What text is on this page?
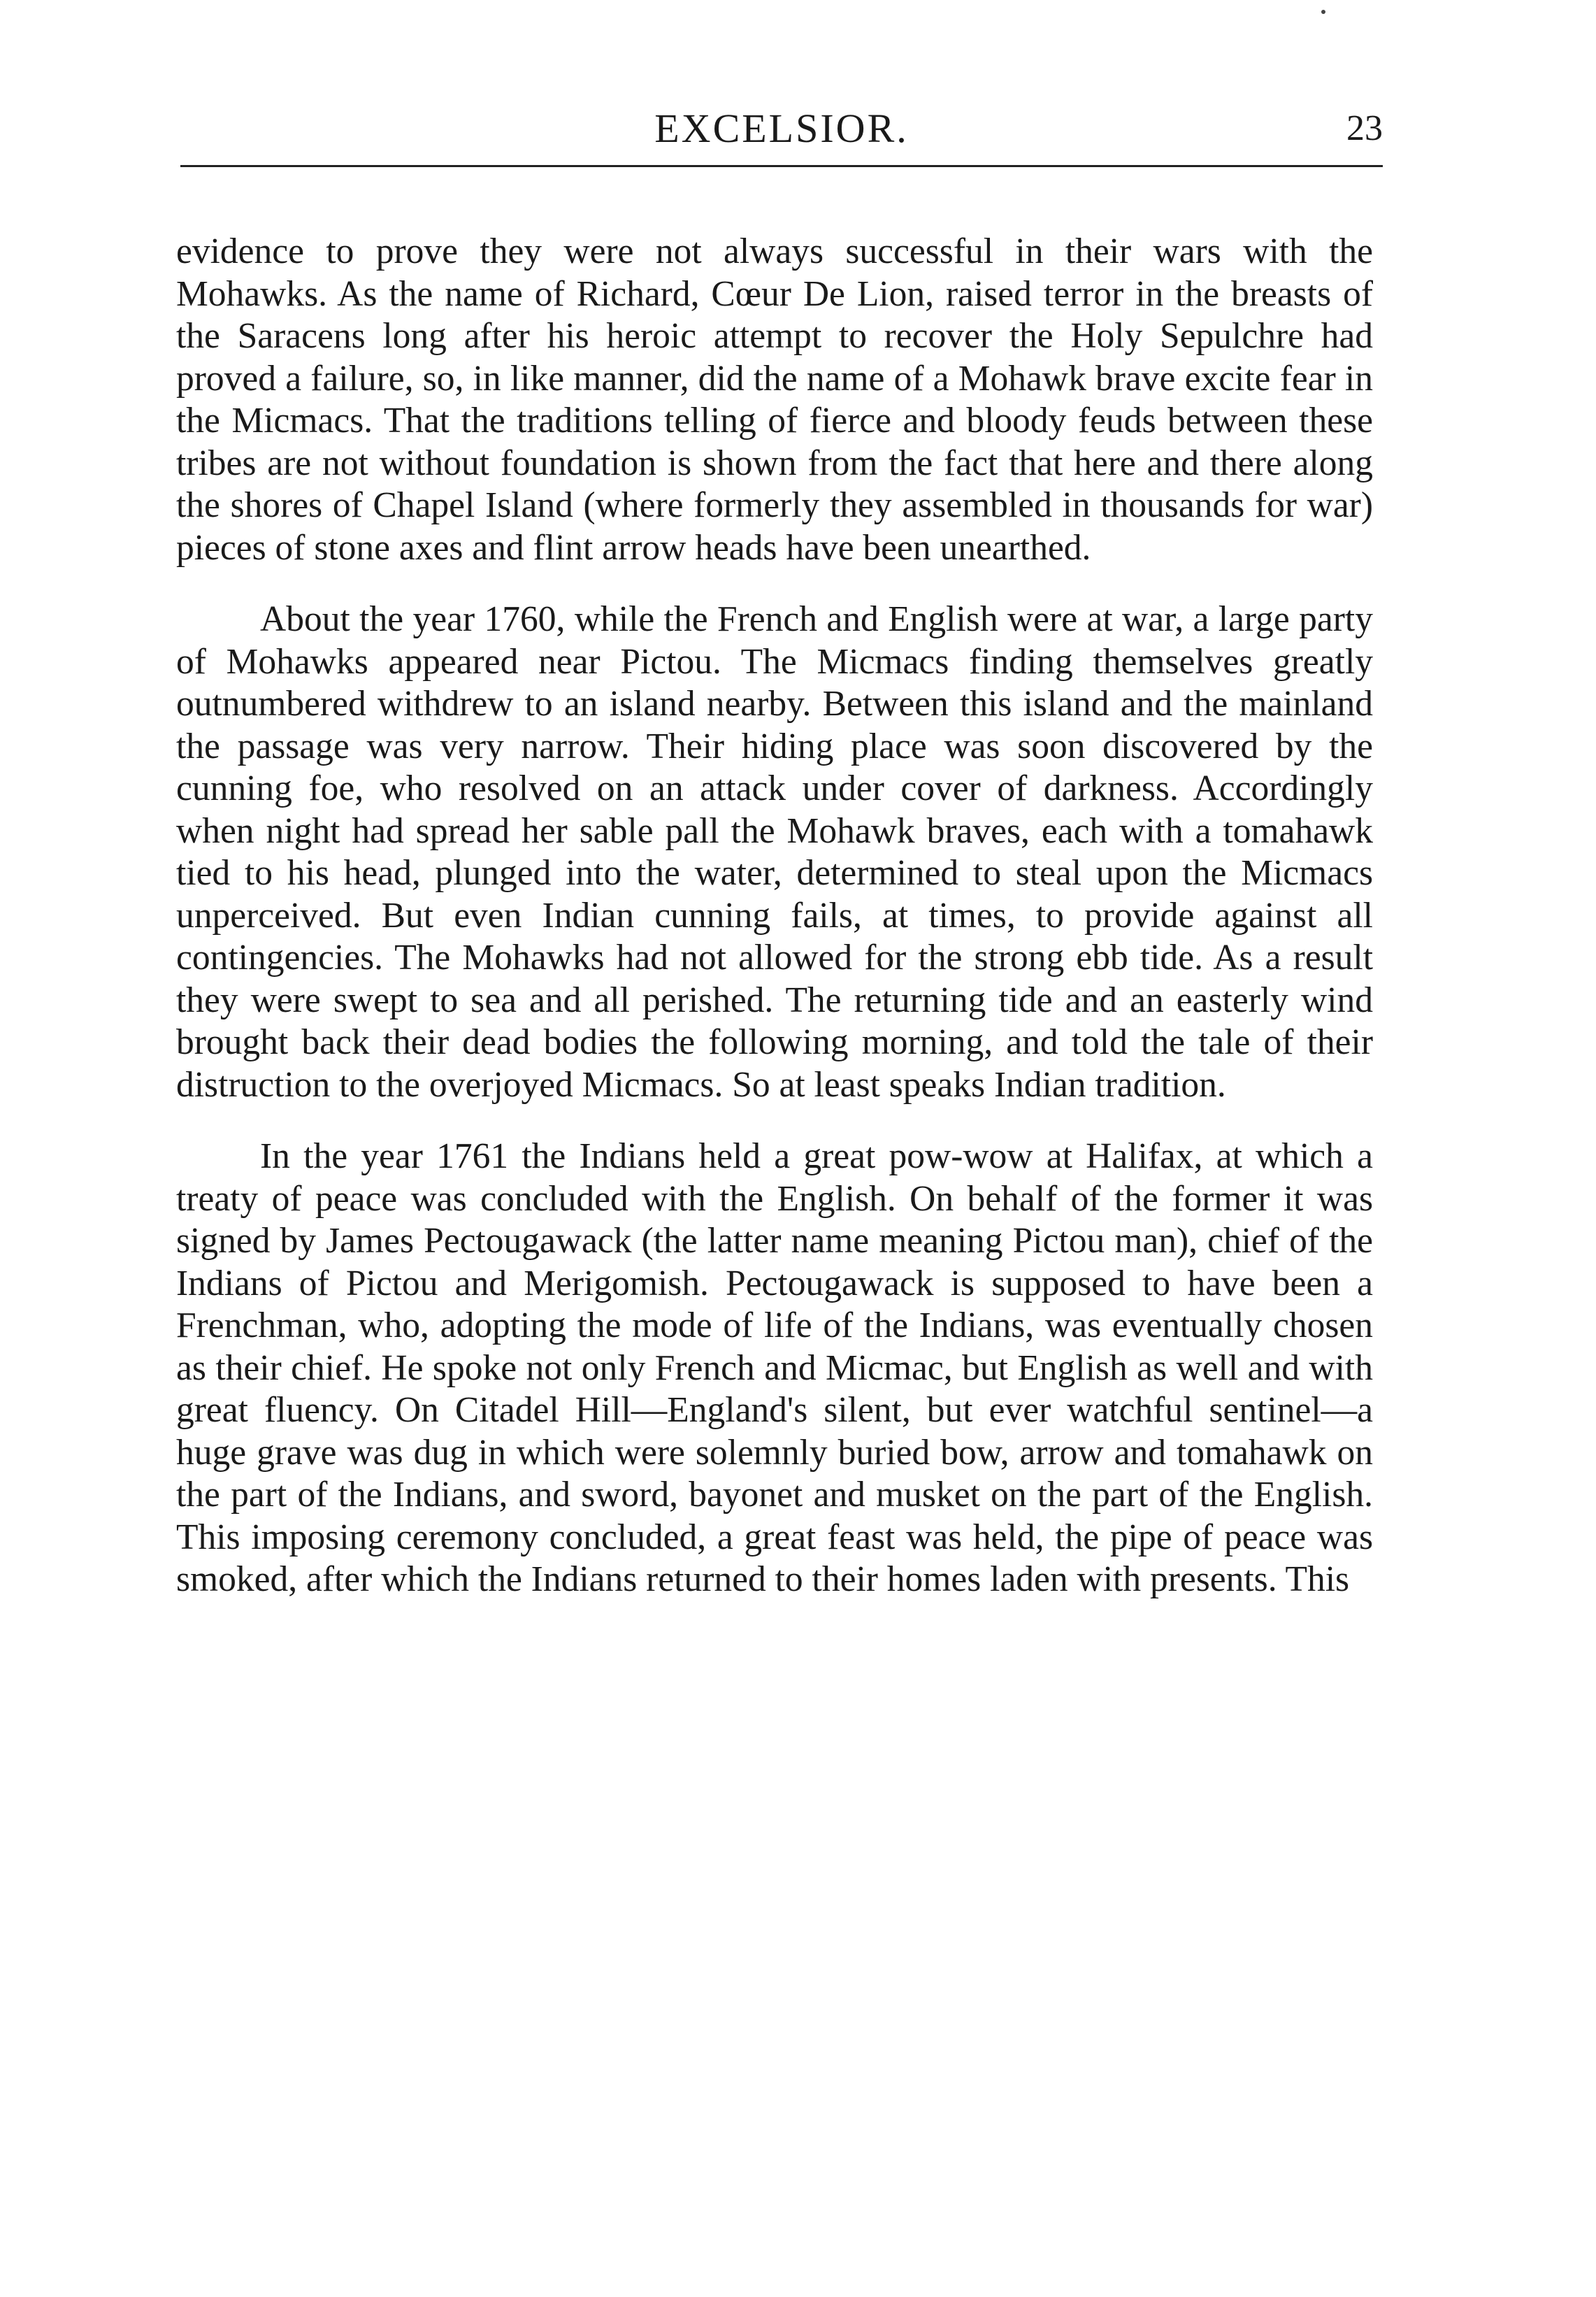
EXCELSIOR.	23

evidence to prove they were not always successful in their wars with the Mohawks. As the name of Richard, Cœur De Lion, raised terror in the breasts of the Saracens long after his heroic attempt to recover the Holy Sepulchre had proved a failure, so, in like manner, did the name of a Mohawk brave excite fear in the Micmacs. That the traditions telling of fierce and bloody feuds between these tribes are not without foundation is shown from the fact that here and there along the shores of Chapel Island (where formerly they assembled in thousands for war) pieces of stone axes and flint arrow heads have been unearthed.

About the year 1760, while the French and English were at war, a large party of Mohawks appeared near Pictou. The Micmacs finding themselves greatly outnumbered withdrew to an island nearby. Between this island and the mainland the passage was very narrow. Their hiding place was soon discovered by the cunning foe, who resolved on an attack under cover of darkness. Accordingly when night had spread her sable pall the Mohawk braves, each with a tomahawk tied to his head, plunged into the water, determined to steal upon the Micmacs unperceived. But even Indian cunning fails, at times, to provide against all contingencies. The Mohawks had not allowed for the strong ebb tide. As a result they were swept to sea and all perished. The returning tide and an easterly wind brought back their dead bodies the following morning, and told the tale of their distruction to the overjoyed Micmacs. So at least speaks Indian tradition.

In the year 1761 the Indians held a great pow-wow at Halifax, at which a treaty of peace was concluded with the English. On behalf of the former it was signed by James Pectougawack (the latter name meaning Pictou man), chief of the Indians of Pictou and Merigomish. Pectougawack is supposed to have been a Frenchman, who, adopting the mode of life of the Indians, was eventually chosen as their chief. He spoke not only French and Micmac, but English as well and with great fluency. On Citadel Hill—England's silent, but ever watchful sentinel—a huge grave was dug in which were solemnly buried bow, arrow and tomahawk on the part of the Indians, and sword, bayonet and musket on the part of the English. This imposing ceremony concluded, a great feast was held, the pipe of peace was smoked, after which the Indians returned to their homes laden with presents. This
